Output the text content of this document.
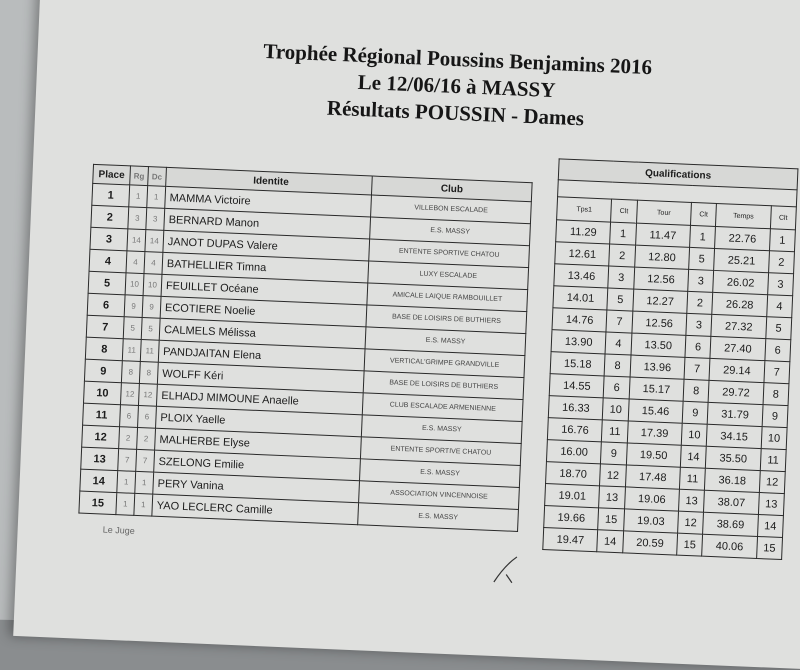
Trophée Régional Poussins Benjamins 2016
Le 12/06/16 à MASSY
Résultats POUSSIN - Dames
Place	Rg	Dc	Identite	Club
1	1	1	MAMMA Victoire	VILLEBON ESCALADE
2	3	3	BERNARD Manon	E.S. MASSY
3	14	14	JANOT DUPAS Valere	ENTENTE SPORTIVE CHATOU
4	4	4	BATHELLIER Timna	LUXY ESCALADE
5	10	10	FEUILLET Océane	AMICALE LAIQUE RAMBOUILLET
6	9	9	ECOTIERE Noelie	BASE DE LOISIRS DE BUTHIERS
7	5	5	CALMELS Mélissa	E.S. MASSY
8	11	11	PANDJAITAN Elena	VERTICAL'GRIMPE GRANDVILLE
9	8	8	WOLFF Kéri	BASE DE LOISIRS DE BUTHIERS
10	12	12	ELHADJ MIMOUNE Anaelle	CLUB ESCALADE ARMENIENNE
11	6	6	PLOIX Yaelle	E.S. MASSY
12	2	2	MALHERBE Elyse	ENTENTE SPORTIVE CHATOU
13	7	7	SZELONG Emilie	E.S. MASSY
14	1	1	PERY Vanina	ASSOCIATION VINCENNOISE
15	1	1	YAO LECLERC Camille	E.S. MASSY
Qualifications					

Tps1	Clt	Tour	Clt	Temps	Clt
11.29	1	11.47	1	22.76	1
12.61	2	12.80	5	25.21	2
13.46	3	12.56	3	26.02	3
14.01	5	12.27	2	26.28	4
14.76	7	12.56	3	27.32	5
13.90	4	13.50	6	27.40	6
15.18	8	13.96	7	29.14	7
14.55	6	15.17	8	29.72	8
16.33	10	15.46	9	31.79	9
16.76	11	17.39	10	34.15	10
16.00	9	19.50	14	35.50	11
18.70	12	17.48	11	36.18	12
19.01	13	19.06	13	38.07	13
19.66	15	19.03	12	38.69	14
19.47	14	20.59	15	40.06	15
Le Juge
